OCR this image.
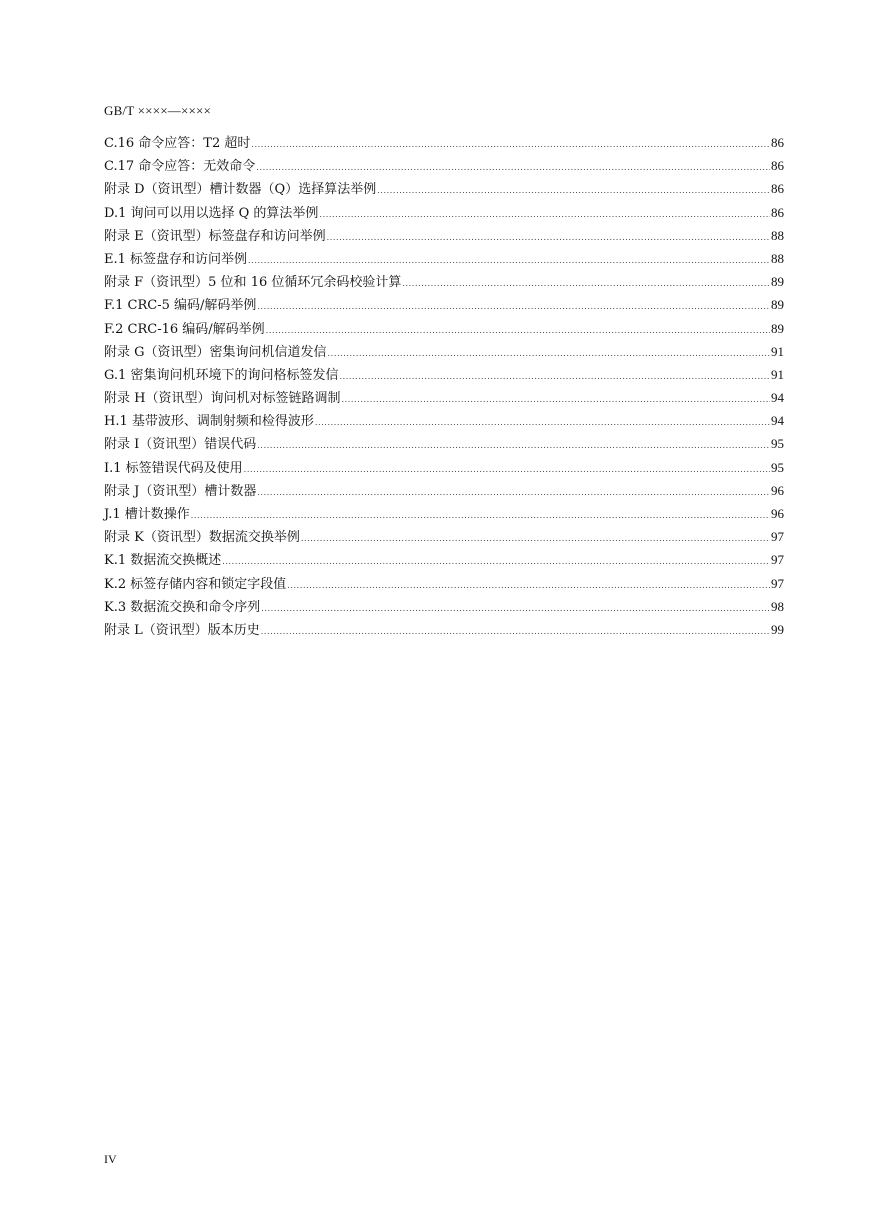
GB/T ××××—××××
C.16 命令应答：T2 超时 .....	86
C.17 命令应答：无效命令 .....	86
附录 D（资讯型）槽计数器（Q）选择算法举例 .....	86
D.1 询问可以用以选择 Q 的算法举例 .....	86
附录 E（资讯型）标签盘存和访问举例 .....	88
E.1 标签盘存和访问举例 .....	88
附录 F（资讯型）5 位和 16 位循环冗余码校验计算 .....	89
F.1 CRC-5 编码/解码举例 .....	89
F.2 CRC-16 编码/解码举例 .....	89
附录 G（资讯型）密集询问机信道发信 .....	91
G.1 密集询问机环境下的询问格标签发信 .....	91
附录 H（资讯型）询问机对标签链路调制 .....	94
H.1 基带波形、调制射频和检得波形 .....	94
附录 I（资讯型）错误代码 .....	95
I.1 标签错误代码及使用 .....	95
附录 J（资讯型）槽计数器 .....	96
J.1 槽计数操作 .....	96
附录 K（资讯型）数据流交换举例 .....	97
K.1 数据流交换概述 .....	97
K.2 标签存储内容和锁定字段值 .....	97
K.3 数据流交换和命令序列 .....	98
附录 L（资讯型）版本历史 .....	99
IV
